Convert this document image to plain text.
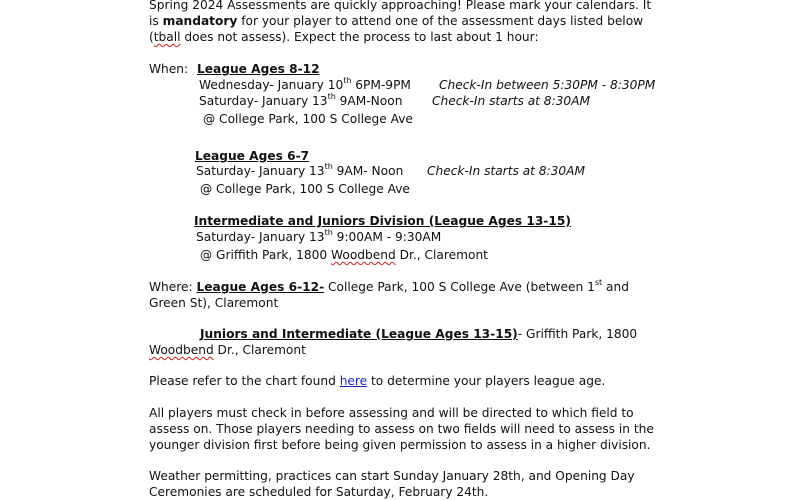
Spring 2024 Assessments are quickly approaching! Please mark your calendars. It
is mandatory for your player to attend one of the assessment days listed below
(tball does not assess). Expect the process to last about 1 hour:
When: League Ages 8-12
Wednesday- January 10th 6PM-9PM Check-In between 5:30PM - 8:30PM
Saturday- January 13th 9AM-Noon Check-In starts at 8:30AM
@ College Park, 100 S College Ave
League Ages 6-7
Saturday- January 13th 9AM- Noon Check-In starts at 8:30AM
@ College Park, 100 S College Ave
Intermediate and Juniors Division (League Ages 13-15)
Saturday- January 13th 9:00AM - 9:30AM
@ Griffith Park, 1800 Woodbend Dr., Claremont
Where: League Ages 6-12- College Park, 100 S College Ave (between 1st and
Green St), Claremont
Juniors and Intermediate (League Ages 13-15)- Griffith Park, 1800
Woodbend Dr., Claremont
Please refer to the chart found here to determine your players league age.
All players must check in before assessing and will be directed to which field to
assess on. Those players needing to assess on two fields will need to assess in the
younger division first before being given permission to assess in a higher division.
Weather permitting, practices can start Sunday January 28th, and Opening Day
Ceremonies are scheduled for Saturday, February 24th.
